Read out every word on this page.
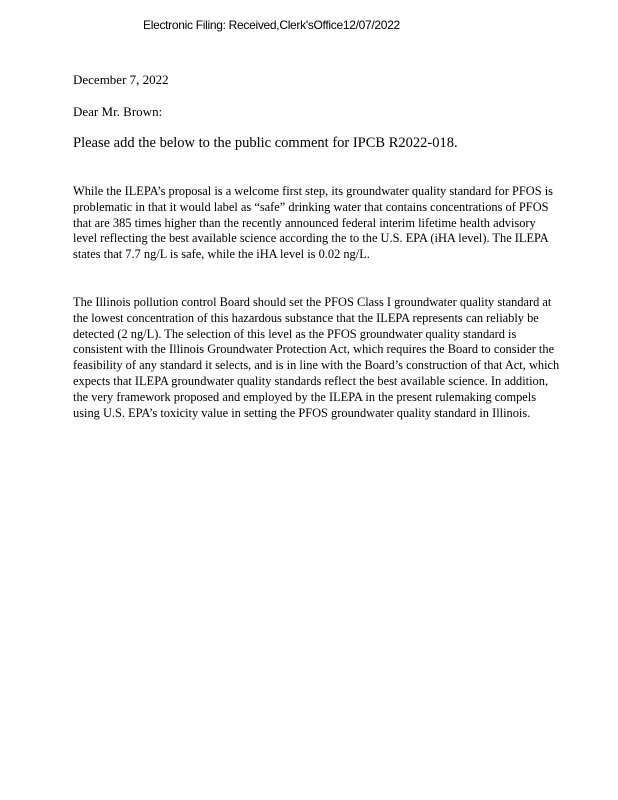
Electronic Filing: Received,Clerk'sOffice12/07/2022
December 7, 2022
Dear Mr. Brown:
Please add the below to the public comment for IPCB R2022-018.

While the ILEPA’s proposal is a welcome first step, its groundwater quality standard for PFOS is problematic in that it would label as “safe” drinking water that contains concentrations of PFOS that are 385 times higher than the recently announced federal interim lifetime health advisory level reflecting the best available science according the to the U.S. EPA (iHA level). The ILEPA states that 7.7 ng/L is safe, while the iHA level is 0.02 ng/L.

The Illinois pollution control Board should set the PFOS Class I groundwater quality standard at the lowest concentration of this hazardous substance that the ILEPA represents can reliably be detected (2 ng/L). The selection of this level as the PFOS groundwater quality standard is consistent with the Illinois Groundwater Protection Act, which requires the Board to consider the feasibility of any standard it selects, and is in line with the Board’s construction of that Act, which expects that ILEPA groundwater quality standards reflect the best available science. In addition, the very framework proposed and employed by the ILEPA in the present rulemaking compels using U.S. EPA’s toxicity value in setting the PFOS groundwater quality standard in Illinois.
